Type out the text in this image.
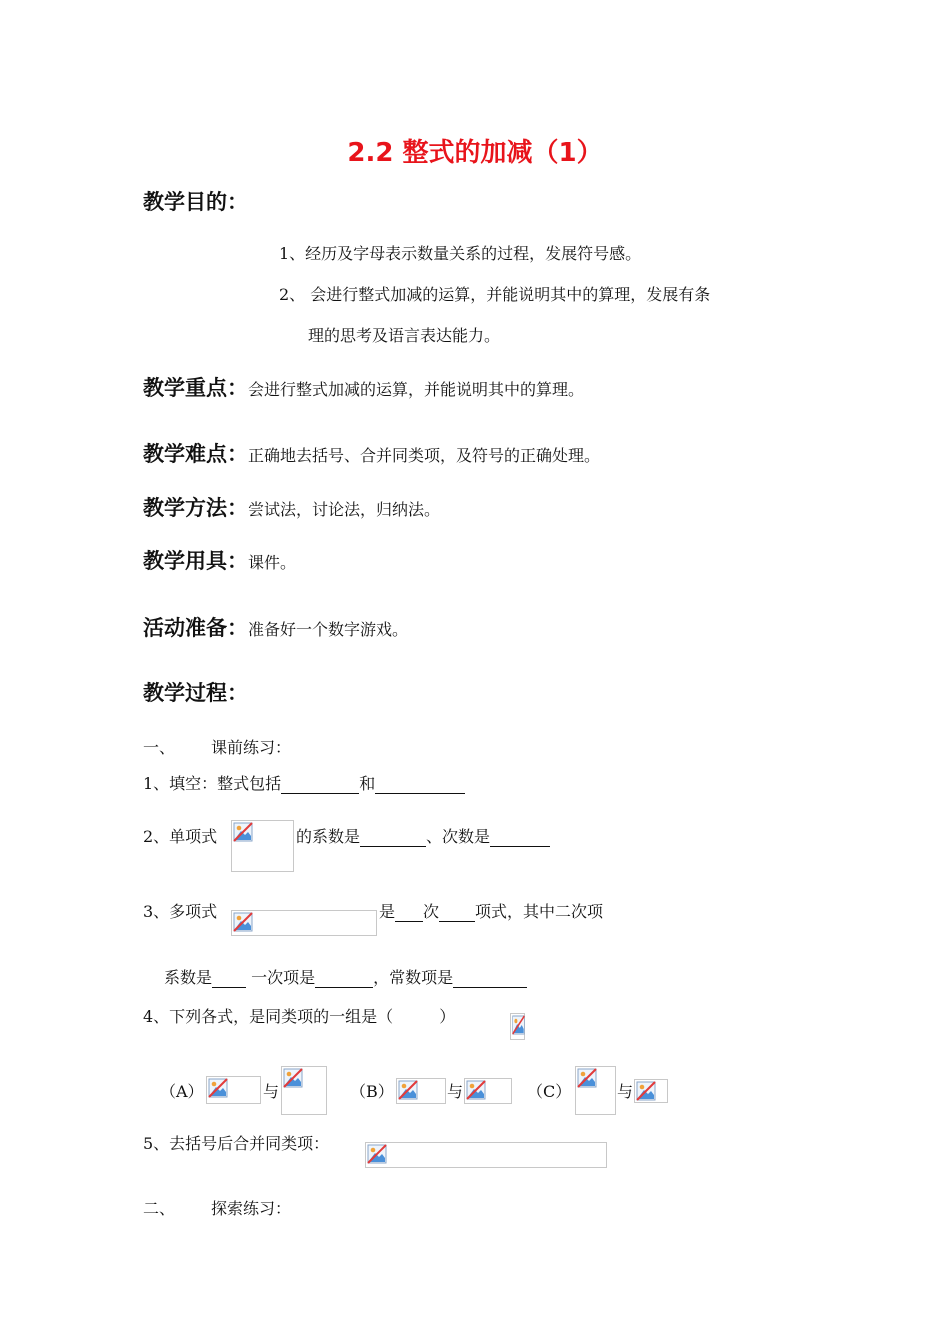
2.2 整式的加减（1）
教学目的：
1、经历及字母表示数量关系的过程，发展符号感。
2、 会进行整式加减的运算，并能说明其中的算理，发展有条
理的思考及语言表达能力。
教学重点：会进行整式加减的运算，并能说明其中的算理。
教学难点：正确地去括号、合并同类项，及符号的正确处理。
教学方法：尝试法，讨论法，归纳法。
教学用具：课件。
活动准备：准备好一个数字游戏。
教学过程：
一、 课前练习：
1、填空：整式包括	和
2、单项式	的系数是	、次数是
3、多项式	是 次 项式，其中二次项
系数是 一次项是	，常数项是
4、下列各式，是同类项的一组是（	）
（A）	与	（B）	与	（C）	与
5、去括号后合并同类项：
二、 探索练习：
